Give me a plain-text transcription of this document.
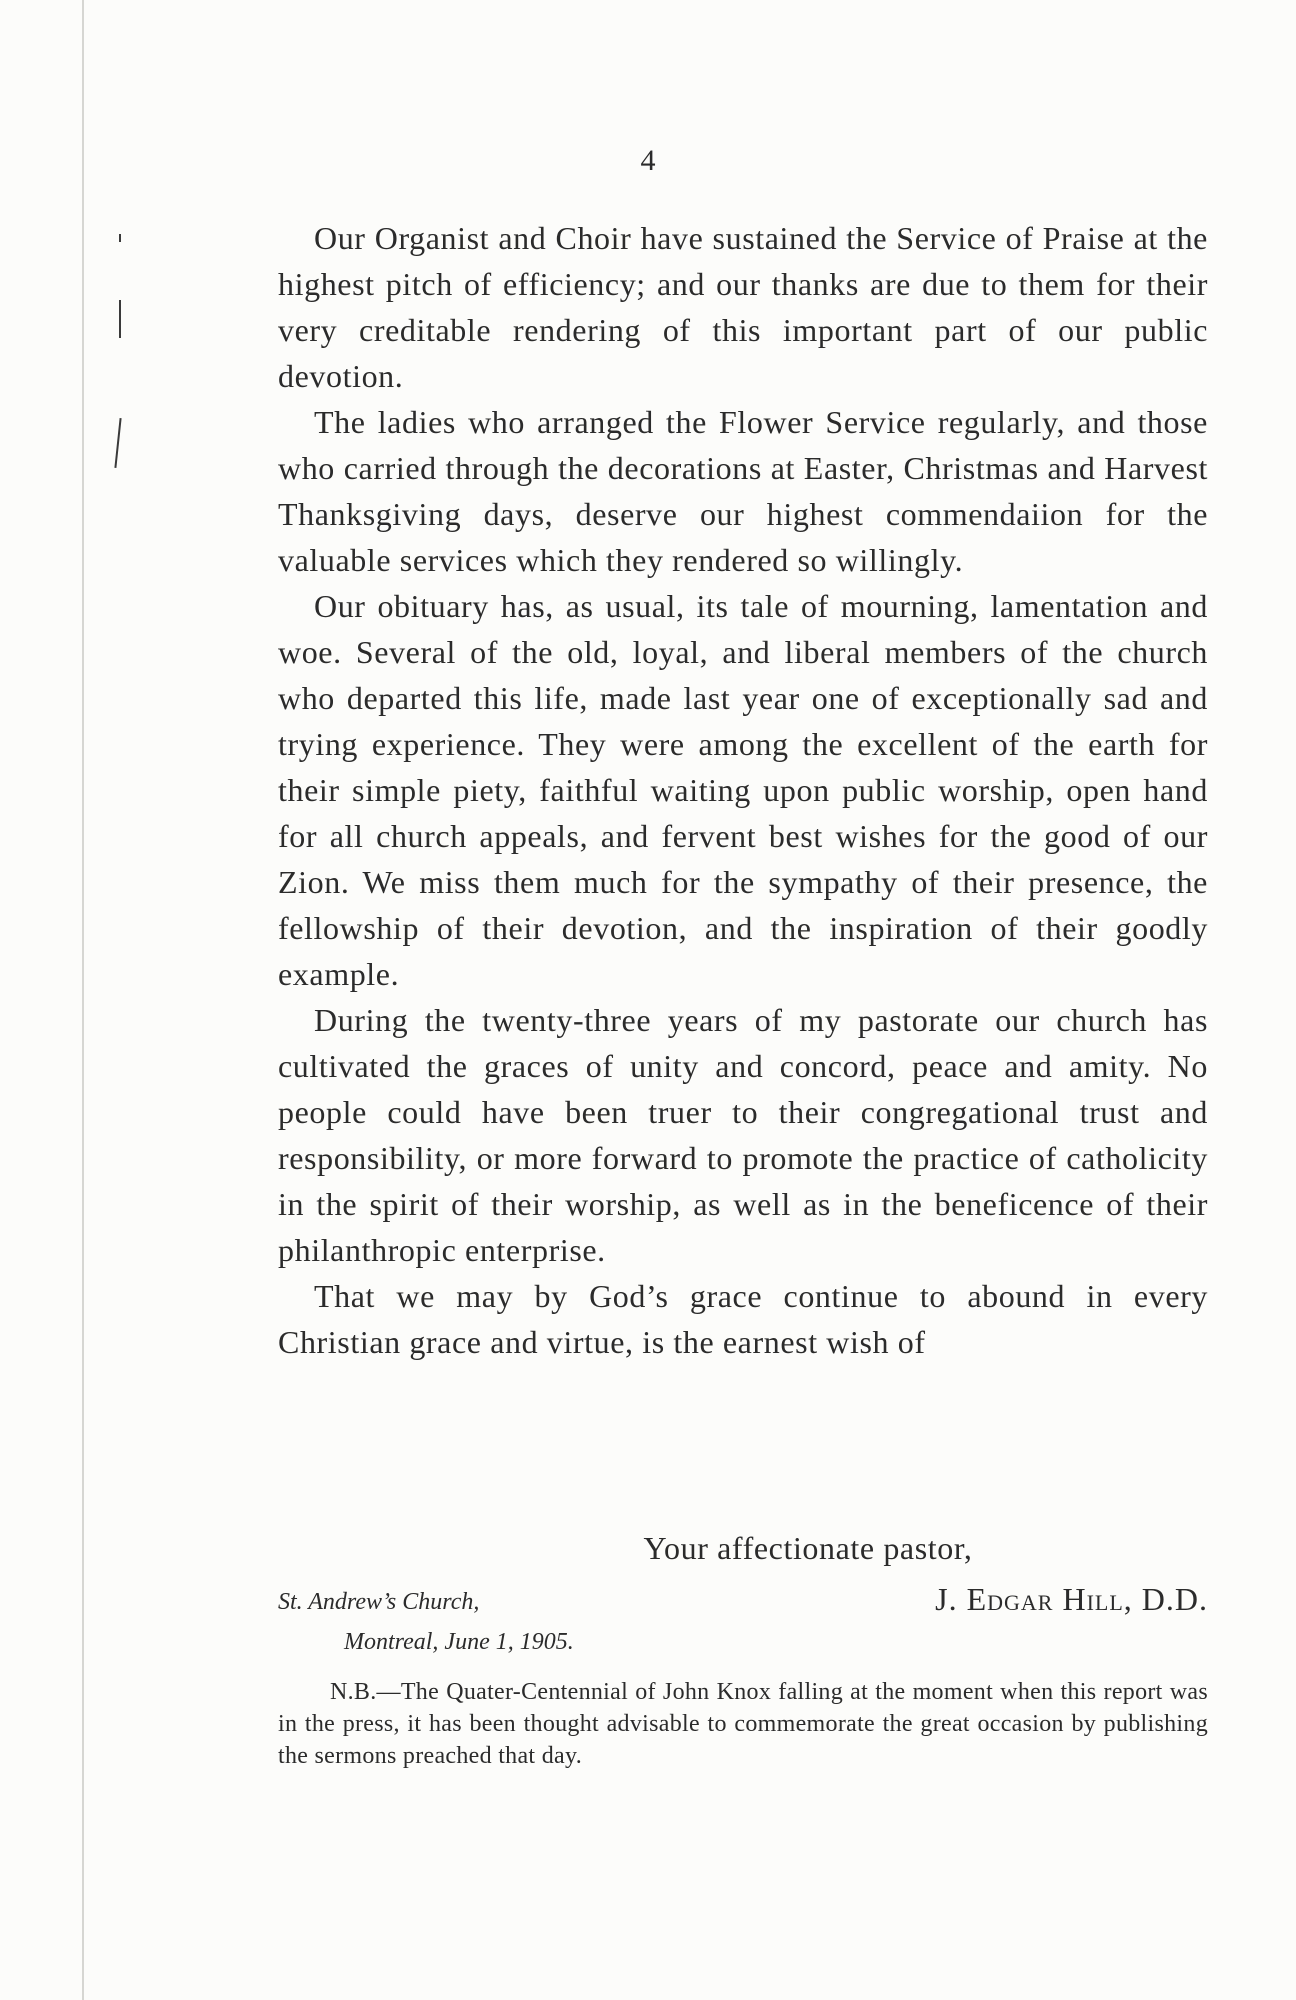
4

Our Organist and Choir have sustained the Service of Praise at the highest pitch of efficiency; and our thanks are due to them for their very creditable rendering of this important part of our public devotion.

The ladies who arranged the Flower Service regularly, and those who carried through the decorations at Easter, Christmas and Harvest Thanksgiving days, deserve our highest commendaiion for the valuable services which they rendered so willingly.

Our obituary has, as usual, its tale of mourning, lamentation and woe. Several of the old, loyal, and liberal members of the church who departed this life, made last year one of exceptionally sad and trying experience. They were among the excellent of the earth for their simple piety, faithful waiting upon public worship, open hand for all church appeals, and fervent best wishes for the good of our Zion. We miss them much for the sympathy of their presence, the fellowship of their devotion, and the inspiration of their goodly example.

During the twenty-three years of my pastorate our church has cultivated the graces of unity and concord, peace and amity. No people could have been truer to their congregational trust and responsibility, or more forward to promote the practice of catholicity in the spirit of their worship, as well as in the beneficence of their philanthropic enterprise.

That we may by God’s grace continue to abound in every Christian grace and virtue, is the earnest wish of

Your affectionate pastor,
St. Andrew’s Church,	J. Edgar Hill, D.D.
Montreal, June 1, 1905.
N.B.—The Quater-Centennial of John Knox falling at the moment when this report was in the press, it has been thought advisable to commemorate the great occasion by publishing the sermons preached that day.
